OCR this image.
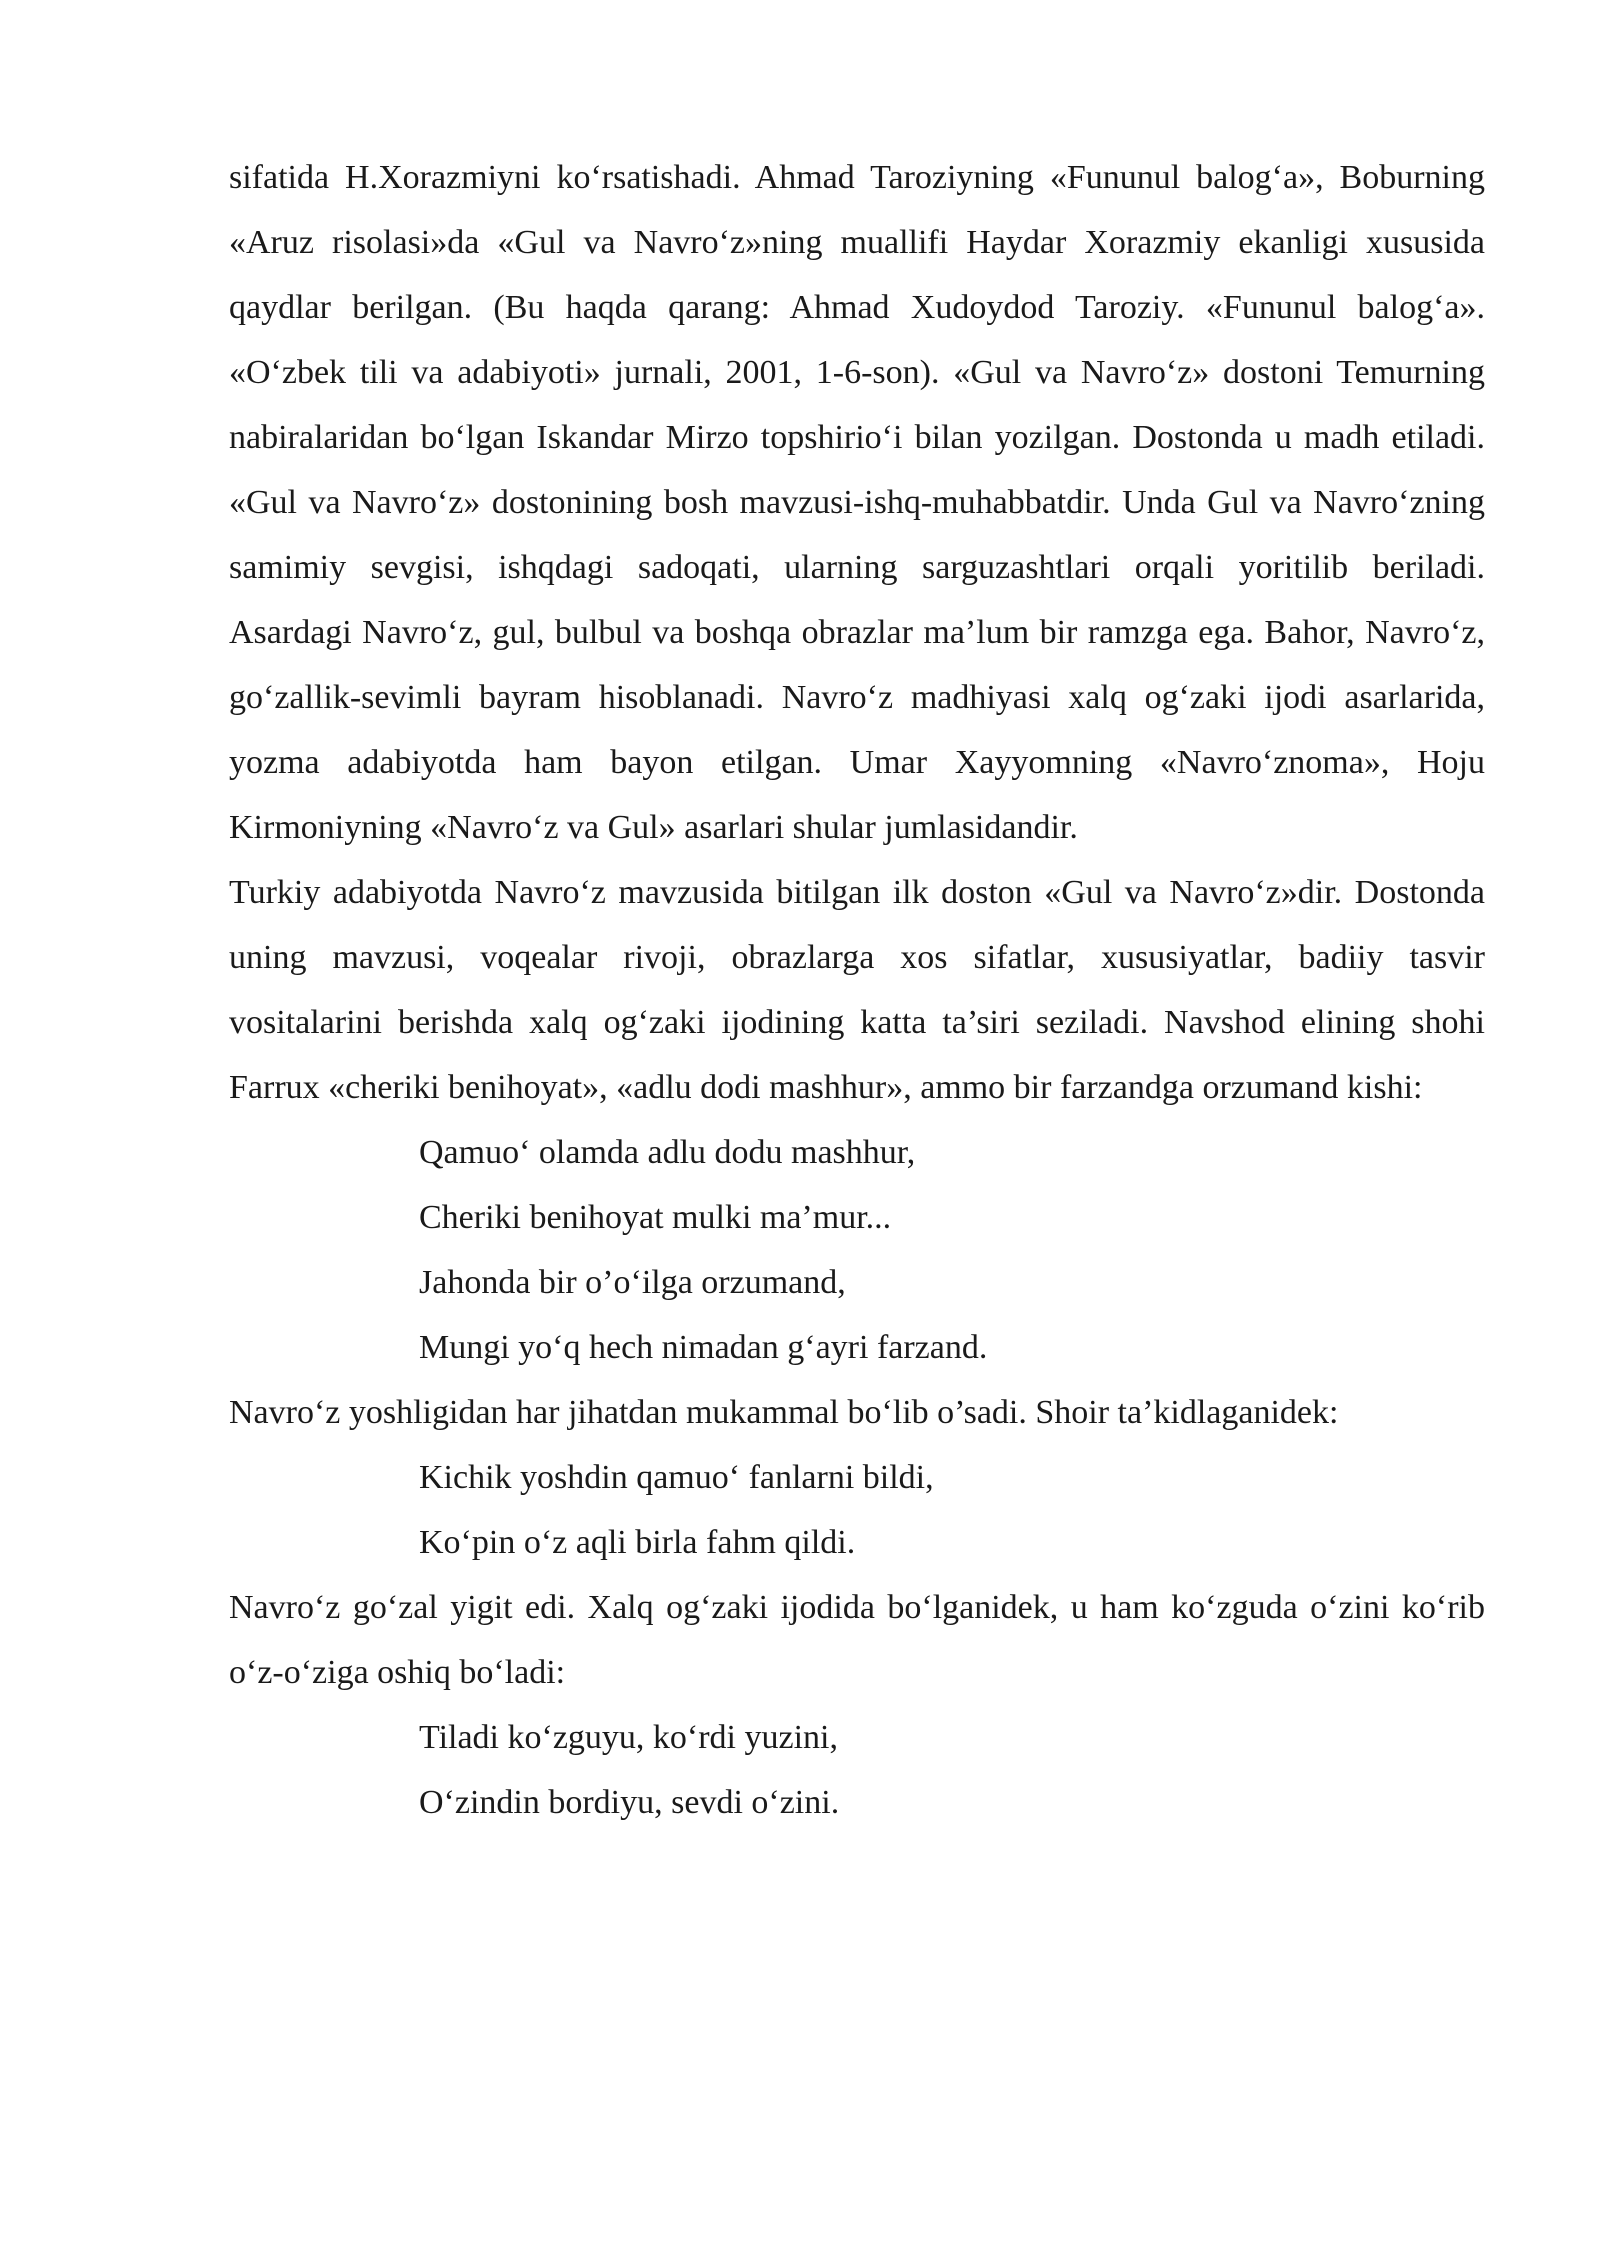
sifatida H.Xorazmiyni ko‘rsatishadi. Ahmad Taroziyning «Fununul balog‘a», Boburning «Aruz risolasi»da «Gul va Navro‘z»ning muallifi Haydar Xorazmiy ekanligi xususida qaydlar berilgan. (Bu haqda qarang: Ahmad Xudoydod Taroziy. «Fununul balog‘a». «O‘zbek tili va adabiyoti» jurnali, 2001, 1-6-son). «Gul va Navro‘z» dostoni Temurning nabiralaridan bo‘lgan Iskandar Mirzo topshirio‘i bilan yozilgan. Dostonda u madh etiladi. «Gul va Navro‘z» dostonining bosh mavzusi-ishq-muhabbatdir. Unda Gul va Navro‘zning samimiy sevgisi, ishqdagi sadoqati, ularning sarguzashtlari orqali yoritilib beriladi. Asardagi Navro‘z, gul, bulbul va boshqa obrazlar ma’lum bir ramzga ega. Bahor, Navro‘z, go‘zallik-sevimli bayram hisoblanadi. Navro‘z madhiyasi xalq og‘zaki ijodi asarlarida, yozma adabiyotda ham bayon etilgan. Umar Xayyomning «Navro‘znoma», Hoju Kirmoniyning «Navro‘z va Gul» asarlari shular jumlasidandir.

Turkiy adabiyotda Navro‘z mavzusida bitilgan ilk doston «Gul va Navro‘z»dir. Dostonda uning mavzusi, voqealar rivoji, obrazlarga xos sifatlar, xususiyatlar, badiiy tasvir vositalarini berishda xalq og‘zaki ijodining katta ta’siri seziladi. Navshod elining shohi Farrux «cheriki benihoyat», «adlu dodi mashhur», ammo bir farzandga orzumand kishi:

Qamuo‘ olamda adlu dodu mashhur,
Cheriki benihoyat mulki ma’mur...
Jahonda bir o’o‘ilga orzumand,
Mungi yo‘q hech nimadan g‘ayri farzand.

Navro‘z yoshligidan har jihatdan mukammal bo‘lib o’sadi. Shoir ta’kidlaganidek:

Kichik yoshdin qamuo‘ fanlarni bildi,
Ko‘pin o‘z aqli birla fahm qildi.

Navro‘z go‘zal yigit edi. Xalq og‘zaki ijodida bo‘lganidek, u ham ko‘zguda o‘zini ko‘rib o‘z-o‘ziga oshiq bo‘ladi:

Tiladi ko‘zguyu, ko‘rdi yuzini,
O‘zindin bordiyu, sevdi o‘zini.
